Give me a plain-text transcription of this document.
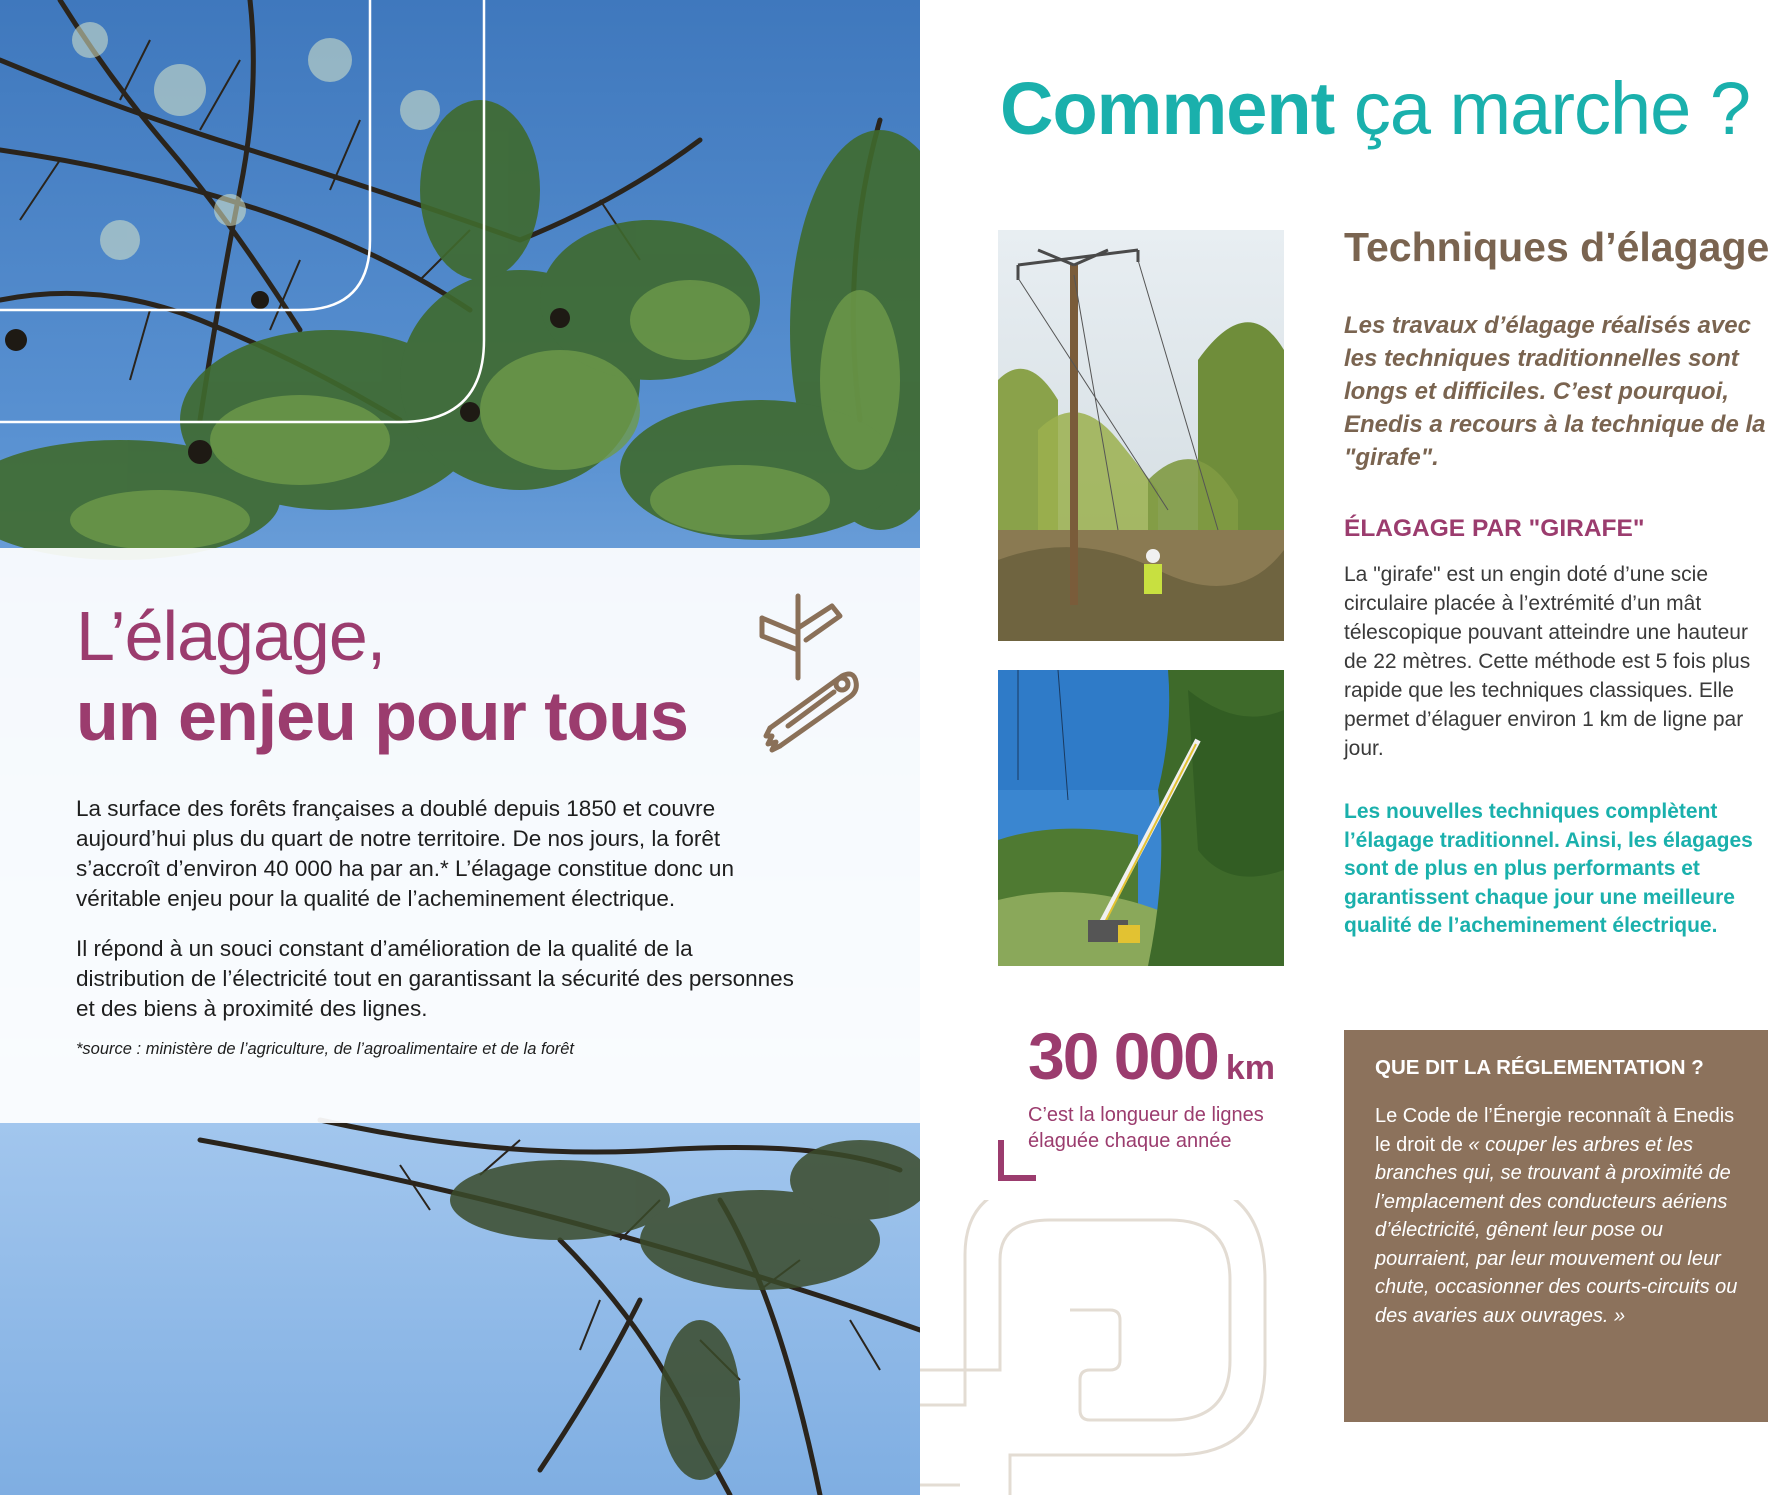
L’élagage,
un enjeu pour tous

La surface des forêts françaises a doublé depuis 1850 et couvre aujourd’hui plus du quart de notre territoire. De nos jours, la forêt s’accroît d’environ 40 000 ha par an.* L’élagage constitue donc un véritable enjeu pour la qualité de l’acheminement électrique.

Il répond à un souci constant d’amélioration de la qualité de la distribution de l’électricité tout en garantissant la sécurité des personnes et des biens à proximité des lignes.

*source : ministère de l’agriculture, de l’agroalimentaire et de la forêt
Comment ça marche ?
Techniques d’élagage
Les travaux d’élagage réalisés avec les techniques traditionnelles sont longs et difficiles. C’est pourquoi, Enedis a recours à la technique de la "girafe".
ÉLAGAGE PAR "GIRAFE"
La "girafe" est un engin doté d’une scie circulaire placée à l’extrémité d’un mât télescopique pouvant atteindre une hauteur de 22 mètres. Cette méthode est 5 fois plus rapide que les techniques classiques. Elle permet d’élaguer environ 1 km de ligne par jour.
Les nouvelles techniques complètent l’élagage traditionnel. Ainsi, les élagages sont de plus en plus performants et garantissent chaque jour une meilleure qualité de l’acheminement électrique.
30 000 km
C’est la longueur de lignes élaguée chaque année
QUE DIT LA RÉGLEMENTATION ?

Le Code de l’Énergie reconnaît à Enedis le droit de « couper les arbres et les branches qui, se trouvant à proximité de l’emplacement des conducteurs aériens d’électricité, gênent leur pose ou pourraient, par leur mouvement ou leur chute, occasionner des courts-circuits ou des avaries aux ouvrages. »
